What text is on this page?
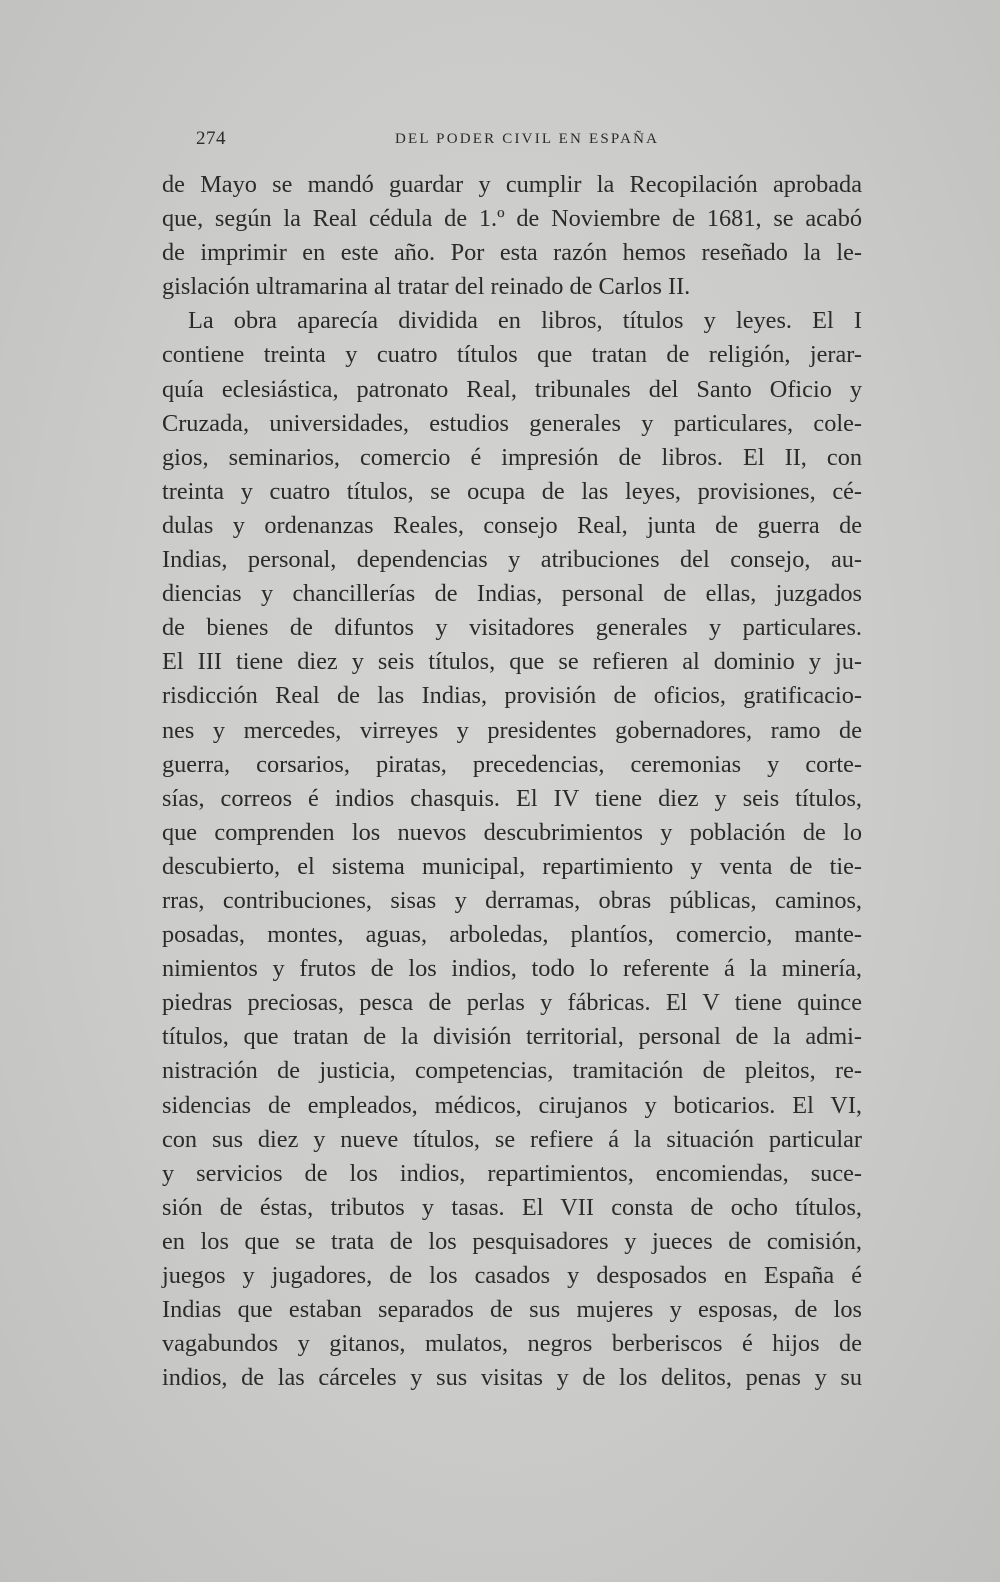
274	DEL PODER CIVIL EN ESPAÑA
de Mayo se mandó guardar y cumplir la Recopilación aprobada
que, según la Real cédula de 1.º de Noviembre de 1681, se acabó
de imprimir en este año. Por esta razón hemos reseñado la le-
gislación ultramarina al tratar del reinado de Carlos II.
La obra aparecía dividida en libros, títulos y leyes. El I
contiene treinta y cuatro títulos que tratan de religión, jerar-
quía eclesiástica, patronato Real, tribunales del Santo Oficio y
Cruzada, universidades, estudios generales y particulares, cole-
gios, seminarios, comercio é impresión de libros. El II, con
treinta y cuatro títulos, se ocupa de las leyes, provisiones, cé-
dulas y ordenanzas Reales, consejo Real, junta de guerra de
Indias, personal, dependencias y atribuciones del consejo, au-
diencias y chancillerías de Indias, personal de ellas, juzgados
de bienes de difuntos y visitadores generales y particulares.
El III tiene diez y seis títulos, que se refieren al dominio y ju-
risdicción Real de las Indias, provisión de oficios, gratificacio-
nes y mercedes, virreyes y presidentes gobernadores, ramo de
guerra, corsarios, piratas, precedencias, ceremonias y corte-
sías, correos é indios chasquis. El IV tiene diez y seis títulos,
que comprenden los nuevos descubrimientos y población de lo
descubierto, el sistema municipal, repartimiento y venta de tie-
rras, contribuciones, sisas y derramas, obras públicas, caminos,
posadas, montes, aguas, arboledas, plantíos, comercio, mante-
nimientos y frutos de los indios, todo lo referente á la minería,
piedras preciosas, pesca de perlas y fábricas. El V tiene quince
títulos, que tratan de la división territorial, personal de la admi-
nistración de justicia, competencias, tramitación de pleitos, re-
sidencias de empleados, médicos, cirujanos y boticarios. El VI,
con sus diez y nueve títulos, se refiere á la situación particular
y servicios de los indios, repartimientos, encomiendas, suce-
sión de éstas, tributos y tasas. El VII consta de ocho títulos,
en los que se trata de los pesquisadores y jueces de comisión,
juegos y jugadores, de los casados y desposados en España é
Indias que estaban separados de sus mujeres y esposas, de los
vagabundos y gitanos, mulatos, negros berberiscos é hijos de
indios, de las cárceles y sus visitas y de los delitos, penas y su
